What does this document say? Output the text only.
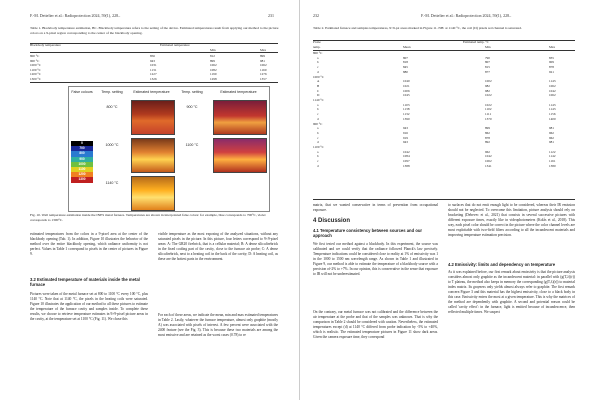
F.-M. Dettelier et al.: Radioprotection 2024, 59(1), 228–	231
Table 1. Blackbody temperature estimation, BC. Blackbody temperature refers to the setting of the device. Estimated temperatures result from applying our method to the picture colors on a 9-pixel region corresponding to the center of the blackbody opening.
Blackbody temperature	Estimated temperature
Min	Max
800 °C	856	812	899
900 °C	943	899	981
1000 °C	1031	1062	1062
1100 °C	1131	1082	1160
1200 °C	1227	1190	1276
1300 °C	1326	1298	1357
False colours	Temp. setting	Estimated temperature	Temp. setting	Estimated temperature
800 °C	900 °C
1000 °C	1100 °C
1140 °C
0
700
800
900
1000
1100
1200
1300
Fig. 10. Wall temperature estimation inside the INES metal furnace. Temperatures are shown in interpolated false colors: for example, blue corresponds to 700°C, violet corresponds to 1300°C.
estimated temperatures from the colors in a 9-pixel area at the center of the blackbody opening (Tab. 1). In addition, Figure 10 illustrates the behavior of the method over the entire blackbody opening, which radiance uniformity is not perfect. Values in Table 1 correspond to pixels in the center of pictures in Figure 9.
3.2 Estimated temperature of materials inside the metal furnace
Pictures were taken of the metal furnace set at 800 to 1100 °C every 100 °C, plus 1140 °C. Note that at 1140 °C, the pixels in the heating coils were saturated. Figure 10 illustrates the application of our method to all these pictures to estimate the temperature of the furnace cavity and samples inside. To complete these results, we choose to retrieve temperature estimates in 9×9-pixel picture areas in the cavity, at the temperature set at 1100 °C (Fig. 11). We chose this
visible temperature as the most exposing of the analyzed situations, without any saturated pixels in the picture. In this picture, four letters correspond to 9×9-pixel areas: A: The GR20 firebrick, that is a cellular material; B: A dense silicafirebrick in the fixed cooling part of the cavity, close to the furnace air probe; C: A dense silicafirebrick, next to a heating coil in the back of the cavity; D: A heating coil, as these are the hottest parts in the environment.
For each of these areas, we indicate the mean, min and max estimated temperatures in Table 2. Lastly, whatever the furnace temperature, almost only graphite (mostly A) was associated with pixels of interest. A few percent were associated with the 2400 feature (see the Fig. 3). This is because these two materials are among the most emissive and are retained as the worst cases (0.78) to re
232	F.-M. Dettelier et al.: Radioprotection 2024, 59(1), 228–
Table 2. Estimated furnace and samples temperatures, 9×9-px areas marked in Figure 11. NB: at 1140 °C, the coil (D) pixels red channel is saturated.
Probe	Estimated temp. °C
temp.	Mean	Min	Max
800 °C
a	807	790	835
b	818	807	909
c	845	815	878
d	880	877	921
1000 °C
A	1040	1002	1143
B	1021	982	1062
C	1006	982	1042
D	1045	1022	1062
1140 °C
a	1103	1022	1143
b	1138	1102	1143
c	1132	1111	1156
d	1390	1370	1400
900 °C
a	943	899	981
b	916	862	962
c	919	878	962
d	943	892	981
1100 °C
a	1042	962	1122
b	1084	1042	1142
c	1097	1062	1161
d	1388	1341	1380
matrix, that we wanted conservative in terms of prevention from occupational exposure.
4 Discussion
4.1 Temperature consistency between sources and our approach
We first tested our method against a blackbody. In this experiment, the source was calibrated and we could verify that the radiance followed Planck's law precisely. Temperature indications could be considered close to reality at 1% of emissivity was 1 in the 1000 to 1500 nm wavelength range. As shown in Table 1 and illustrated in Figure 9, our method is able to estimate the temperature of a blackbody source with a precision of-2% to +7%. In our opinion, this is conservative in the sense that exposure to IR will not be underestimated.
On the contrary, our metal furnace was not calibrated and the difference between the air temperature at the probe and that of the samples was unknown. That is why the comparison in Table 2 should be considered with caution. Nevertheless, the estimated temperatures except (d) at 1140 °C differed from probe indication by -5% to +40%, which is realistic. The estimated temperature pictures in Figure 11 show dark areas. Given the camera exposure time, they correspond
to surfaces that do not emit enough light to be considered, whereas their IR emission should not be neglected. To overcome this limitation, picture analysis should rely on bracketing (Debevec et al., 2021) that consists in several successive pictures with different exposure times, exactly like in videophotometers (Kolås et al., 2018). This way, each pixel color should be correct in the picture where the color channel levels are most exploitable with two-field filters according to all the incandescent materials and improving temperature estimation precision.
4.2 Emissivity: limits and dependency on temperature
As it was explained before, our first remark about emissivity is that the picture analysis considers almost only graphite as the incandescent material: in parallel with (g(T,λ)(r)) to T plateau, the method also keeps in memory the corresponding (g(T,λ)(r)) to material index matrix. Its grayness only yields almost always refer to graphite. The first remark concern Figure 3 and this material has the highest emissivity, close to a black body in this case. Emissivity enters the most at a given temperature. This is why the matrices of the method are dependently with graphite. A second and potential reason could be called 'cavity effect': in the furnace, light is emitted because of incandescence, then reflected multiple times. We suspect
